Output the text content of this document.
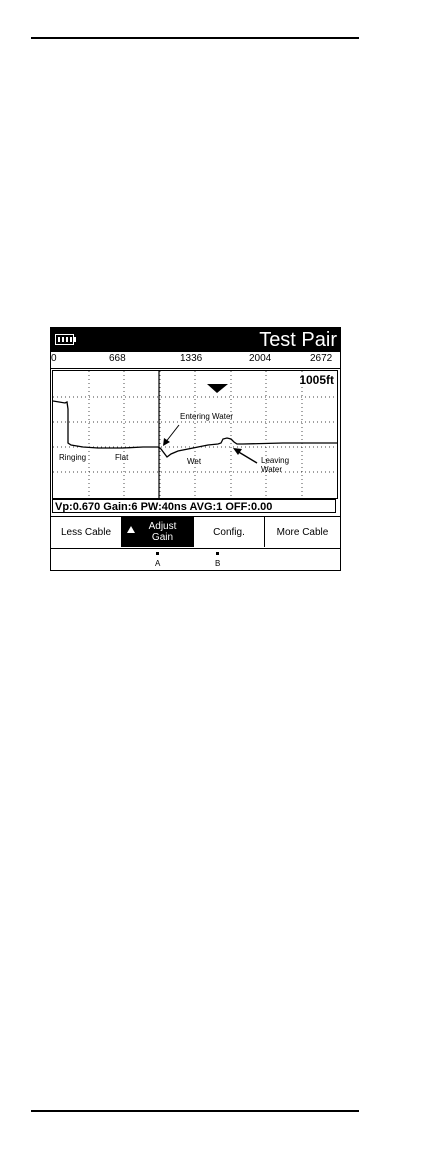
Test Pair
0	668	1336	2004	2672
1005ft
Ringing	Flat	Wet
Entering Water
Leaving
Water
Vp:0.670 Gain:6 PW:40ns AVG:1 OFF:0.00
Less Cable	Adjust
Gain	Config.	More Cable
A	B
